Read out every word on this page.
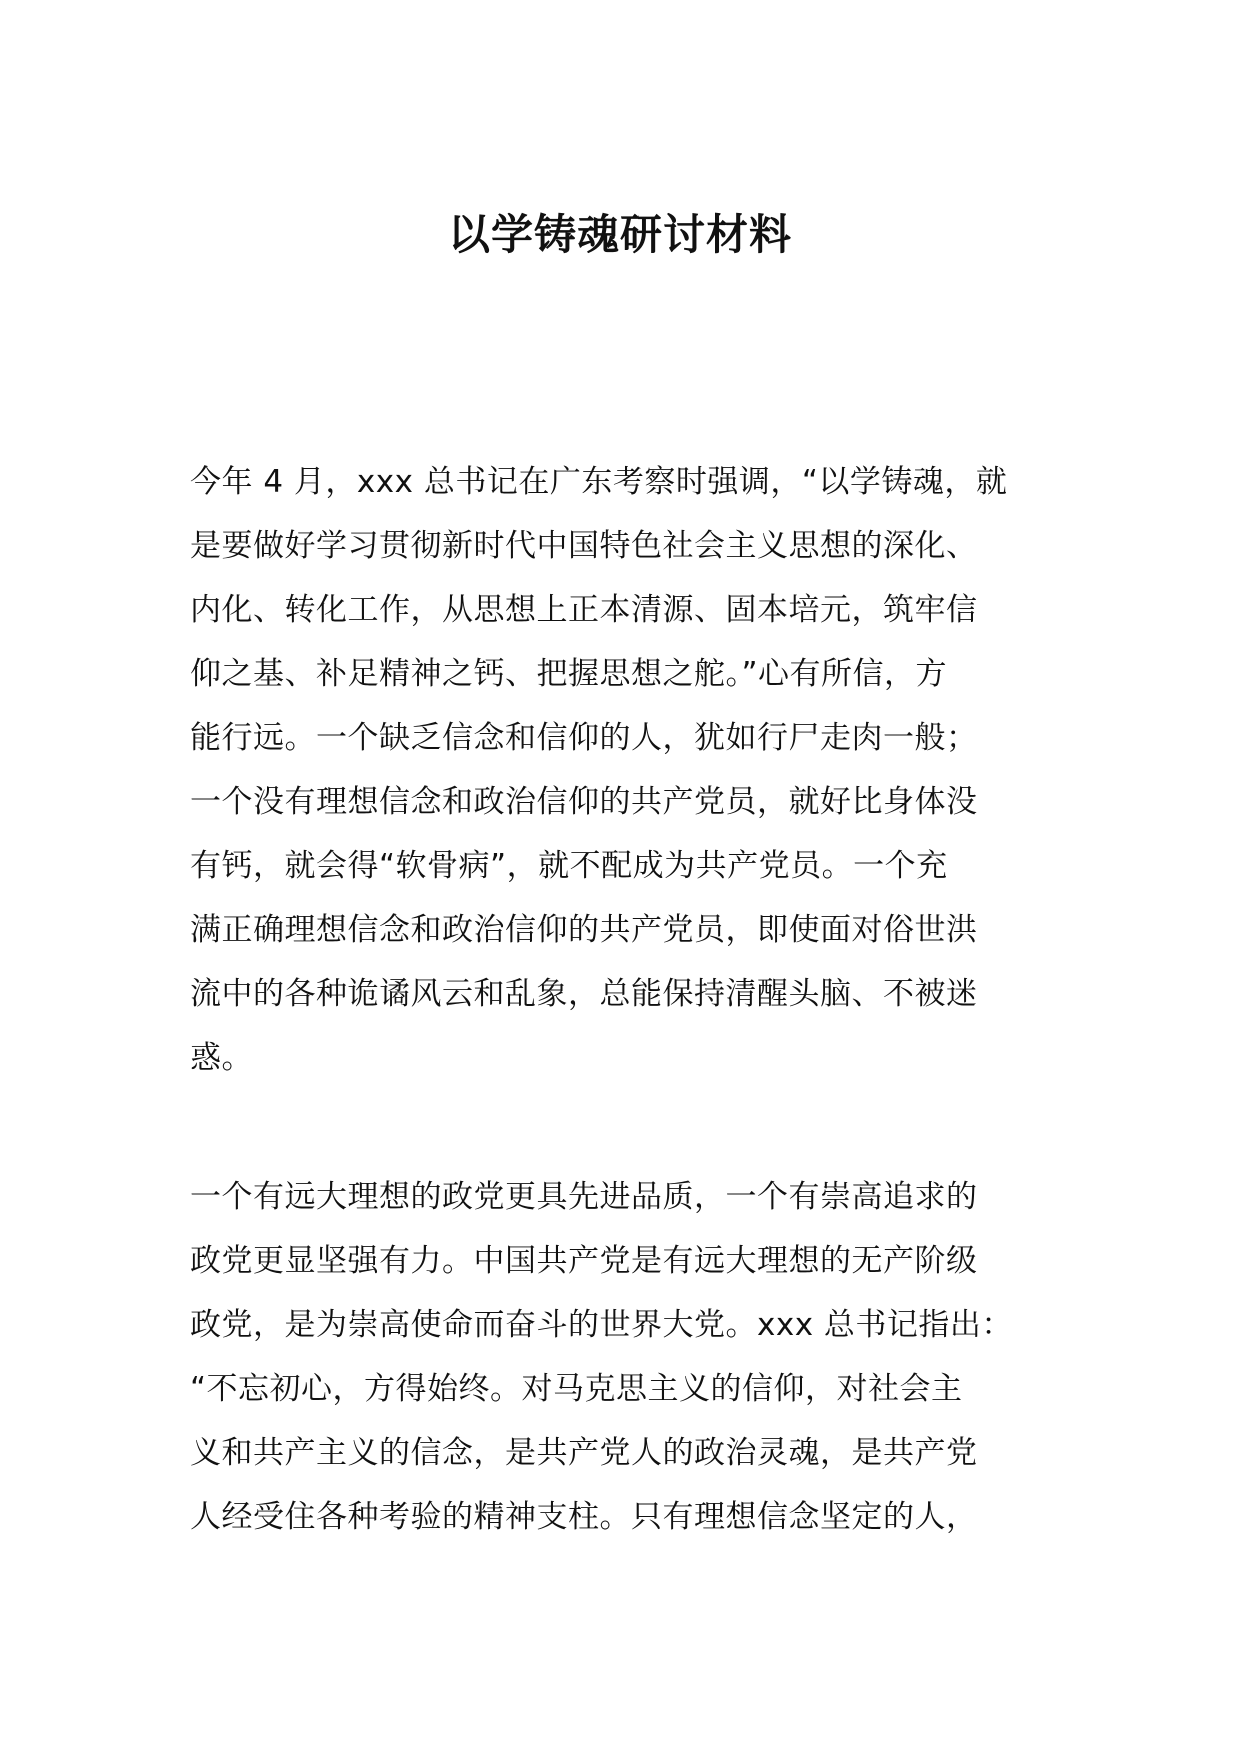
以学铸魂研讨材料
今年 4 月，xxx 总书记在广东考察时强调，“以学铸魂，就
是要做好学习贯彻新时代中国特色社会主义思想的深化、
内化、转化工作，从思想上正本清源、固本培元，筑牢信
仰之基、补足精神之钙、把握思想之舵。”心有所信，方
能行远。一个缺乏信念和信仰的人，犹如行尸走肉一般；
一个没有理想信念和政治信仰的共产党员，就好比身体没
有钙，就会得“软骨病”，就不配成为共产党员。一个充
满正确理想信念和政治信仰的共产党员，即使面对俗世洪
流中的各种诡谲风云和乱象，总能保持清醒头脑、不被迷
惑。
一个有远大理想的政党更具先进品质，一个有崇高追求的
政党更显坚强有力。中国共产党是有远大理想的无产阶级
政党，是为崇高使命而奋斗的世界大党。xxx 总书记指出：
“不忘初心，方得始终。对马克思主义的信仰，对社会主
义和共产主义的信念，是共产党人的政治灵魂，是共产党
人经受住各种考验的精神支柱。只有理想信念坚定的人，
